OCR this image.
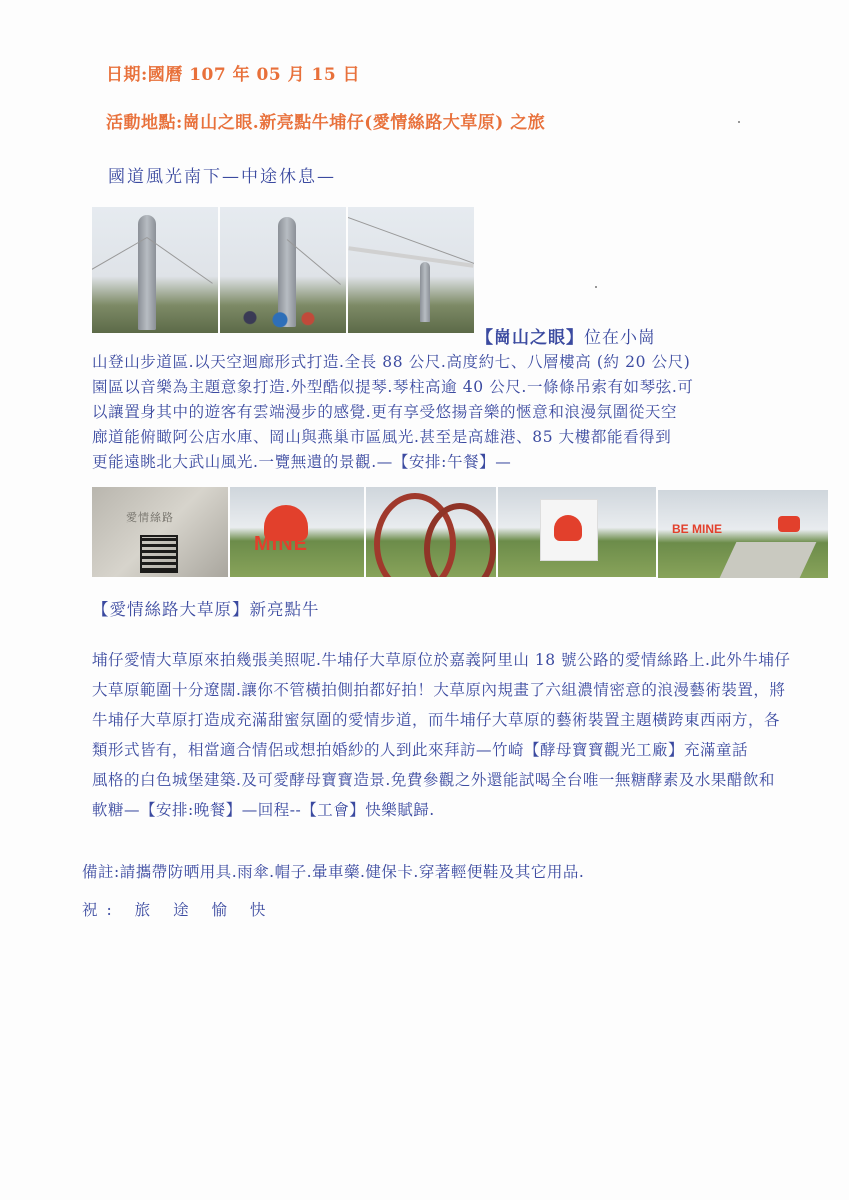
日期:國曆 107 年 05 月 15 日
活動地點:崗山之眼.新亮點牛埔仔(愛情絲路大草原) 之旅
國道風光南下—中途休息—
【崗山之眼】位在小崗
山登山步道區.以天空迴廊形式打造.全長 88 公尺.高度約七、八層樓高 (約 20 公尺)
園區以音樂為主題意象打造.外型酷似提琴.琴柱高逾 40 公尺.一條條吊索有如琴弦.可
以讓置身其中的遊客有雲端漫步的感覺.更有享受悠揚音樂的愜意和浪漫氛圍從天空
廊道能俯瞰阿公店水庫、岡山與燕巢市區風光.甚至是高雄港、85 大樓都能看得到
更能遠眺北大武山風光.一覽無遺的景觀.—【安排:午餐】—
愛情絲路
MINE
BE MINE
【愛情絲路大草原】新亮點牛
埔仔愛情大草原來拍幾張美照呢.牛埔仔大草原位於嘉義阿里山 18 號公路的愛情絲路上.此外牛埔仔
大草原範圍十分遼闊.讓你不管橫拍側拍都好拍！大草原內規畫了六組濃情密意的浪漫藝術裝置，將
牛埔仔大草原打造成充滿甜蜜氛圍的愛情步道，而牛埔仔大草原的藝術裝置主題橫跨東西兩方，各
類形式皆有，相當適合情侶或想拍婚紗的人到此來拜訪—竹崎【酵母寶寶觀光工廠】充滿童話
風格的白色城堡建築.及可愛酵母寶寶造景.免費參觀之外還能試喝全台唯一無糖酵素及水果醋飲和
軟糖—【安排:晚餐】—回程--【工會】快樂賦歸.
備註:請攜帶防晒用具.雨傘.帽子.暈車藥.健保卡.穿著輕便鞋及其它用品.
祝: 旅 途 愉 快
